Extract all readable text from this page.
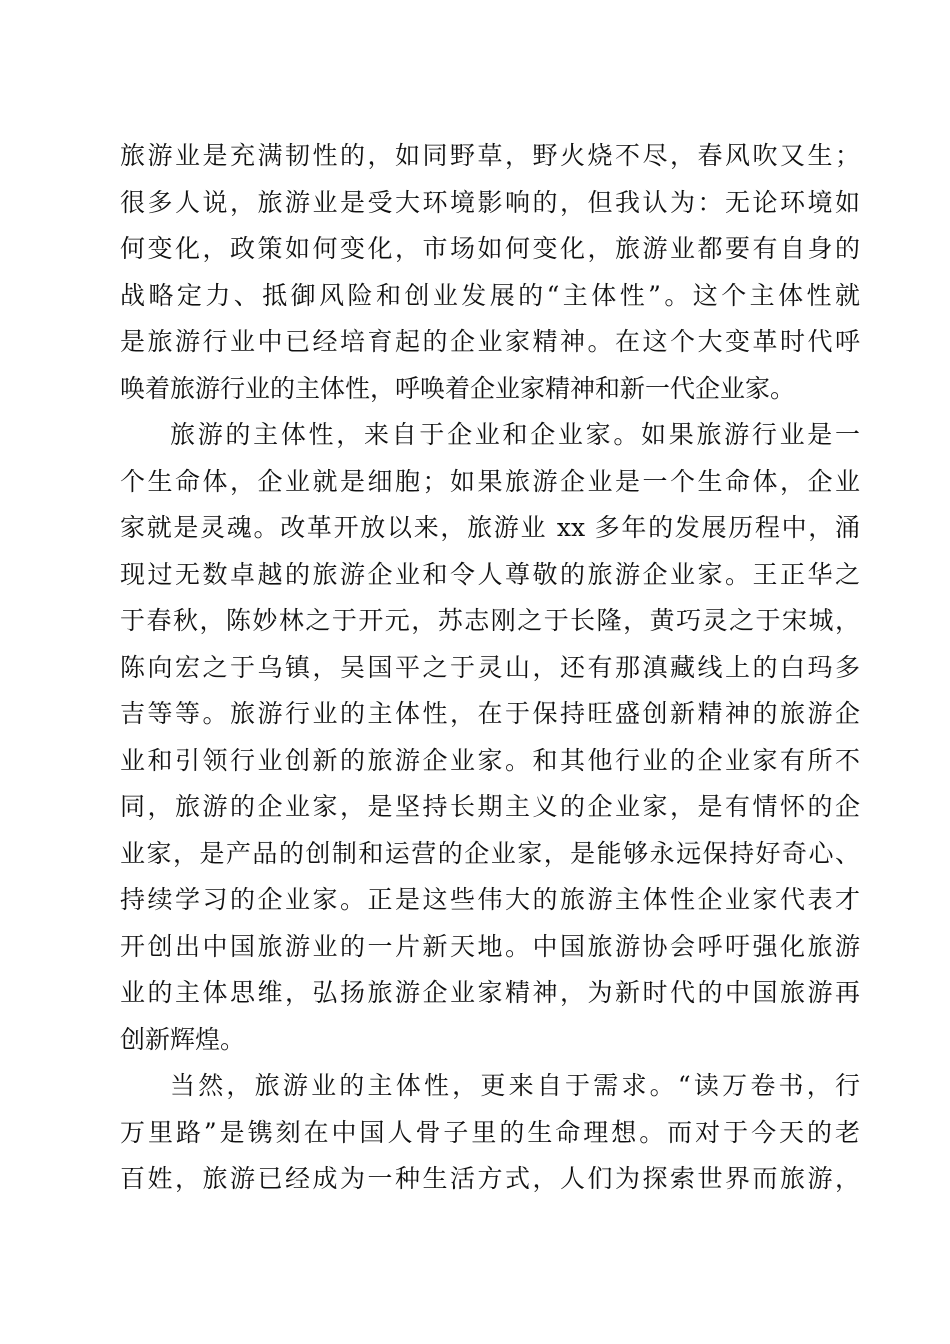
旅游业是充满韧性的，如同野草，野火烧不尽，春风吹又生；
很多人说，旅游业是受大环境影响的，但我认为：无论环境如
何变化，政策如何变化，市场如何变化，旅游业都要有自身的
战略定力、抵御风险和创业发展的“主体性”。这个主体性就
是旅游行业中已经培育起的企业家精神。在这个大变革时代呼
唤着旅游行业的主体性，呼唤着企业家精神和新一代企业家。
旅游的主体性，来自于企业和企业家。如果旅游行业是一
个生命体，企业就是细胞；如果旅游企业是一个生命体，企业
家就是灵魂。改革开放以来，旅游业 xx 多年的发展历程中，涌
现过无数卓越的旅游企业和令人尊敬的旅游企业家。王正华之
于春秋，陈妙林之于开元，苏志刚之于长隆，黄巧灵之于宋城，
陈向宏之于乌镇，吴国平之于灵山，还有那滇藏线上的白玛多
吉等等。旅游行业的主体性，在于保持旺盛创新精神的旅游企
业和引领行业创新的旅游企业家。和其他行业的企业家有所不
同，旅游的企业家，是坚持长期主义的企业家，是有情怀的企
业家，是产品的创制和运营的企业家，是能够永远保持好奇心、
持续学习的企业家。正是这些伟大的旅游主体性企业家代表才
开创出中国旅游业的一片新天地。中国旅游协会呼吁强化旅游
业的主体思维，弘扬旅游企业家精神，为新时代的中国旅游再
创新辉煌。
当然，旅游业的主体性，更来自于需求。“读万卷书，行
万里路”是镌刻在中国人骨子里的生命理想。而对于今天的老
百姓，旅游已经成为一种生活方式，人们为探索世界而旅游，
